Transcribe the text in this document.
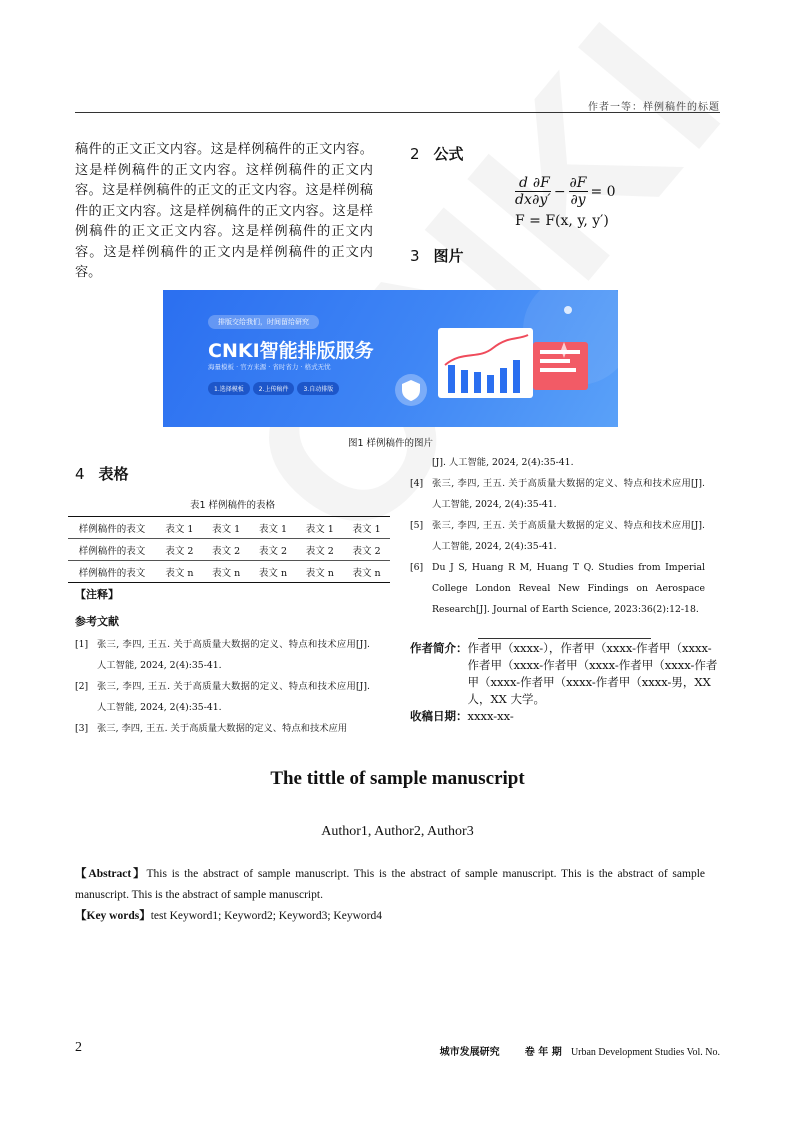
作者一等：样例稿件的标题
稿件的正文正文内容。这是样例稿件的正文内容。这是样例稿件的正文内容。这样例稿件的正文内容。这是样例稿件的正文的正文内容。这是样例稿件的正文内容。这是样例稿件的正文内容。这是样例稿件的正文正文内容。这是样例稿件的正文内容。这是样例稿件的正文内是样例稿件的正文内容。
2 公式
$\frac{d}{dx} \frac{\partial F}{\partial y'} - \frac{\partial F}{\partial y} = 0$
F = F(x, y, y′)
3 图片
排版交给我们，时间留给研究
CNKI智能排版服务
海量模板 · 官方来源 · 省时省力 · 格式无忧
1.选择模板	2.上传稿件	3.自动排版
图1 样例稿件的图片
4 表格
表1 样例稿件的表格
样例稿件的表文	表文 1	表文 1	表文 1	表文 1	表文 1
样例稿件的表文	表文 2	表文 2	表文 2	表文 2	表文 2
样例稿件的表文	表文 n	表文 n	表文 n	表文 n	表文 n
【注释】
参考文献
[1] 张三, 李四, 王五. 关于高质量大数据的定义、特点和技术应用[J]. 人工智能, 2024, 2(4):35-41.
[2] 张三, 李四, 王五. 关于高质量大数据的定义、特点和技术应用[J]. 人工智能, 2024, 2(4):35-41.
[3] 张三, 李四, 王五. 关于高质量大数据的定义、特点和技术应用
[J]. 人工智能, 2024, 2(4):35-41.
[4] 张三, 李四, 王五. 关于高质量大数据的定义、特点和技术应用[J]. 人工智能, 2024, 2(4):35-41.
[5] 张三, 李四, 王五. 关于高质量大数据的定义、特点和技术应用[J]. 人工智能, 2024, 2(4):35-41.
[6] Du J S, Huang R M, Huang T Q. Studies from Imperial College London Reveal New Findings on Aerospace Research[J]. Journal of Earth Science, 2023:36(2):12-18.
作者简介： 作者甲（xxxx-），作者甲（xxxx-作者甲（xxxx-作者甲（xxxx-作者甲（xxxx-作者甲（xxxx-作者甲（xxxx-作者甲（xxxx-作者甲（xxxx-男，XX 人，XX 大学。
收稿日期： xxxx-xx-
The tittle of sample manuscript
Author1, Author2, Author3
【Abstract】This is the abstract of sample manuscript. This is the abstract of sample manuscript. This is the abstract of sample manuscript. This is the abstract of sample manuscript.
【Key words】test Keyword1; Keyword2; Keyword3; Keyword4
2	城市发展研究	卷 年 期 Urban Development Studies Vol. No.
